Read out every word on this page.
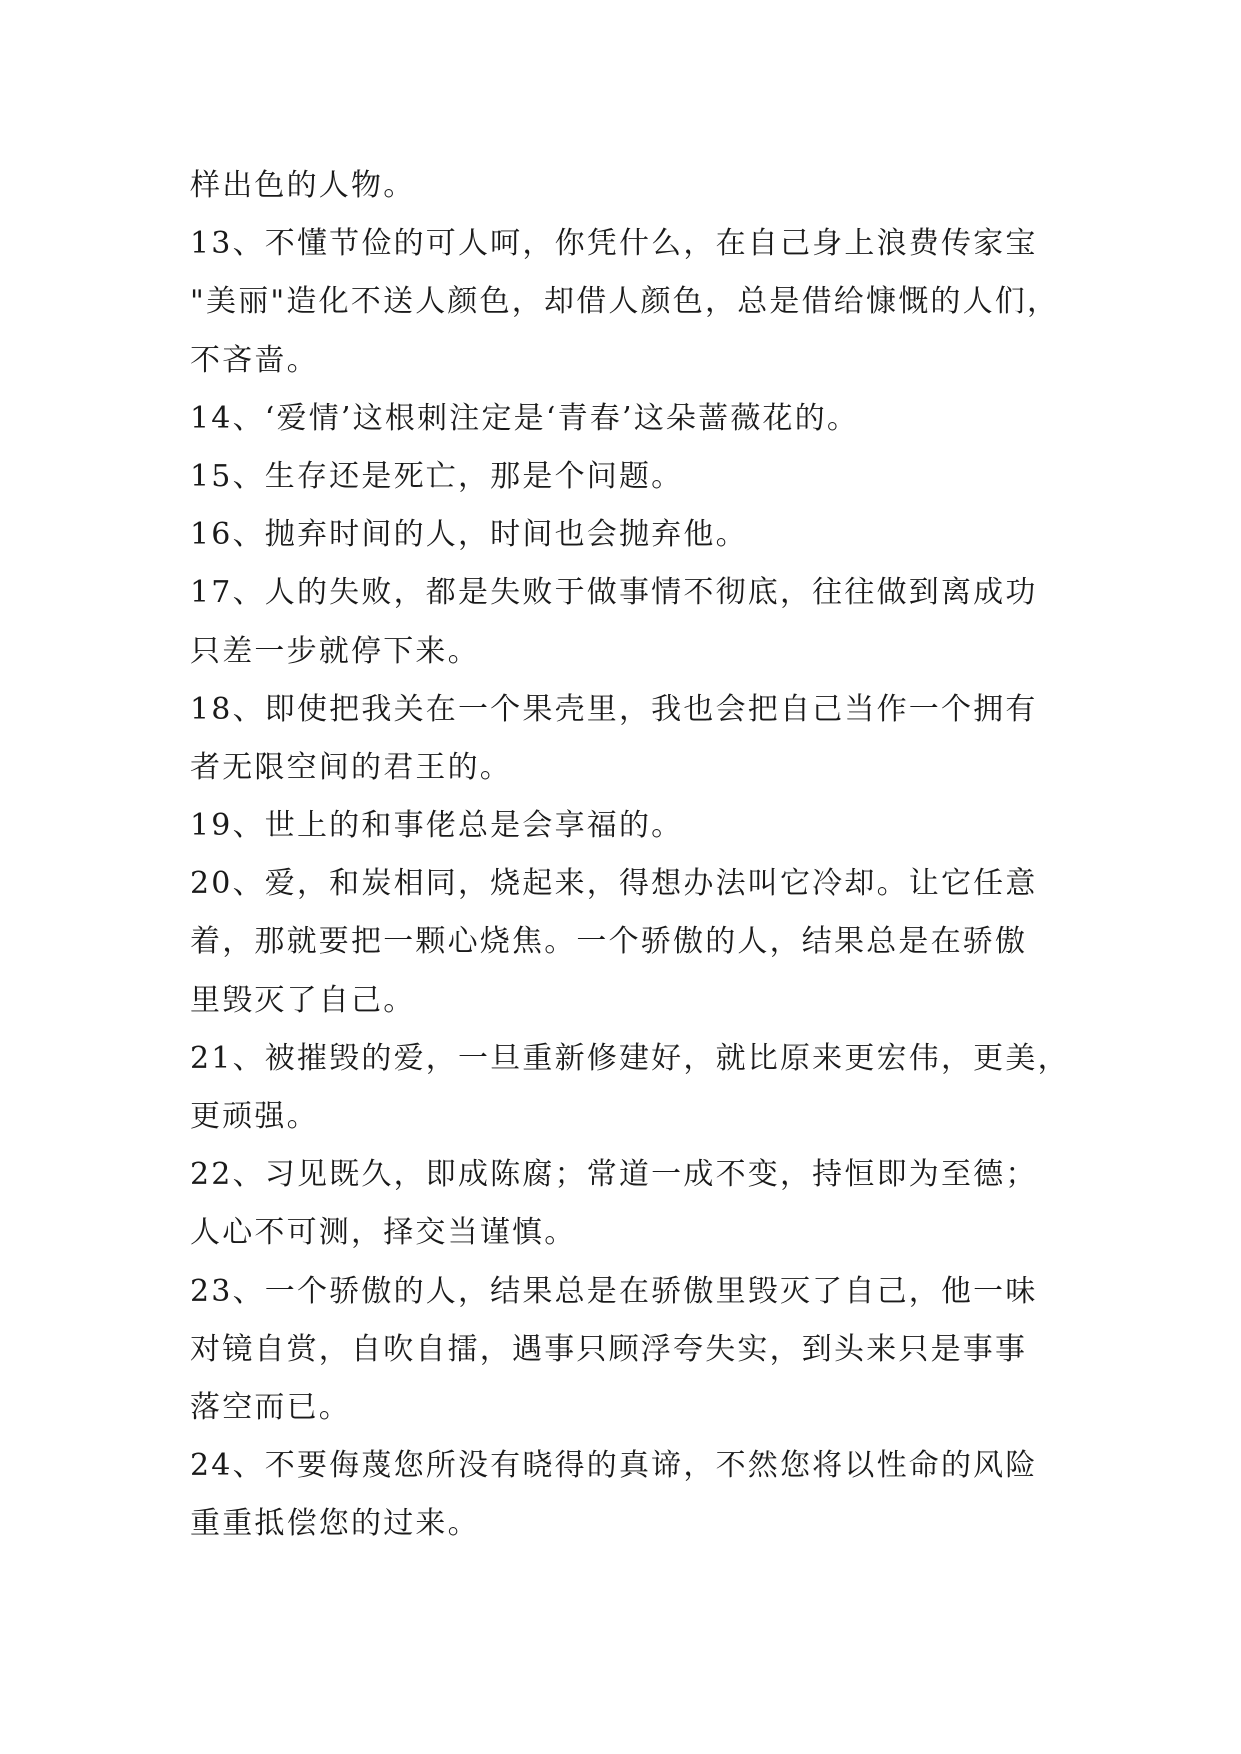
样出色的人物。
13、不懂节俭的可人呵，你凭什么，在自己身上浪费传家宝
"美丽"造化不送人颜色，却借人颜色，总是借给慷慨的人们，
不吝啬。
14、‘爱情’这根刺注定是‘青春’这朵蔷薇花的。
15、生存还是死亡，那是个问题。
16、抛弃时间的人，时间也会抛弃他。
17、人的失败，都是失败于做事情不彻底，往往做到离成功
只差一步就停下来。
18、即使把我关在一个果壳里，我也会把自己当作一个拥有
者无限空间的君王的。
19、世上的和事佬总是会享福的。
20、爱，和炭相同，烧起来，得想办法叫它冷却。让它任意
着，那就要把一颗心烧焦。一个骄傲的人，结果总是在骄傲
里毁灭了自己。
21、被摧毁的爱，一旦重新修建好，就比原来更宏伟，更美，
更顽强。
22、习见既久，即成陈腐；常道一成不变，持恒即为至德；
人心不可测，择交当谨慎。
23、一个骄傲的人，结果总是在骄傲里毁灭了自己，他一味
对镜自赏，自吹自擂，遇事只顾浮夸失实，到头来只是事事
落空而已。
24、不要侮蔑您所没有晓得的真谛，不然您将以性命的风险
重重抵偿您的过来。
